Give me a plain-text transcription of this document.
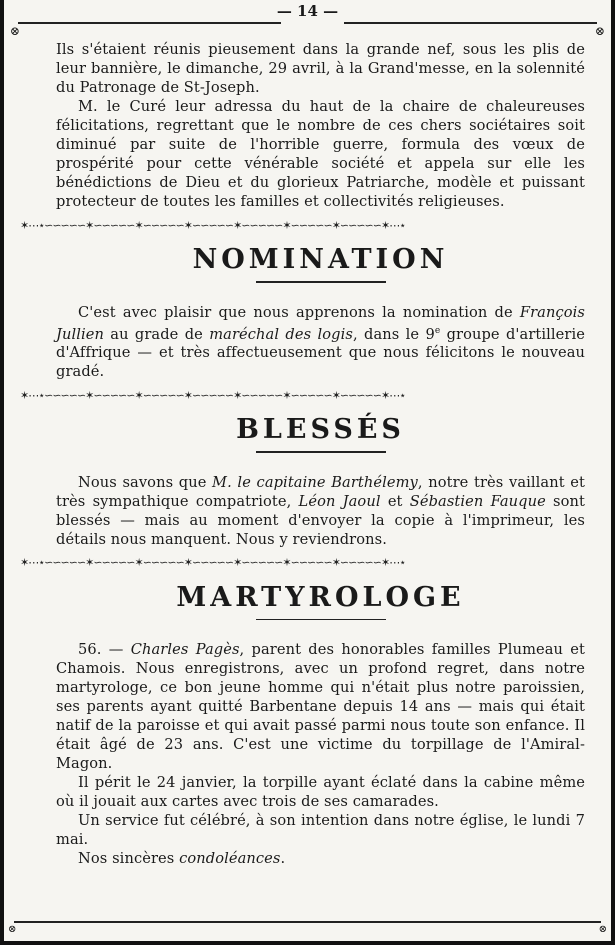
— 14 —
⊗	⊗

Ils s'étaient réunis pieusement dans la grande nef, sous les plis de leur bannière, le dimanche, 29 avril, à la Grand'messe, en la solennité du Patronage de St-Joseph.

M. le Curé leur adressa du haut de la chaire de chaleureuses félicitations, regrettant que le nombre de ces chers sociétaires soit diminué par suite de l'horrible guerre, formula des vœux de prospérité pour cette vénérable société et appela sur elle les bénédictions de Dieu et du glorieux Patriarche, modèle et puissant protecteur de toutes les familles et collectivités religieuses.

✶⋯⋆∽∽∽∽∽✶∽∽∽∽∽✶∽∽∽∽∽✶∽∽∽∽∽✶∽∽∽∽∽✶∽∽∽∽∽✶∽∽∽∽∽✶⋯⋆
NOMINATION

C'est avec plaisir que nous apprenons la nomination de François Jullien au grade de maréchal des logis, dans le 9e groupe d'artillerie d'Affrique — et très affectueusement que nous félicitons le nouveau gradé.

✶⋯⋆∽∽∽∽∽✶∽∽∽∽∽✶∽∽∽∽∽✶∽∽∽∽∽✶∽∽∽∽∽✶∽∽∽∽∽✶∽∽∽∽∽✶⋯⋆
BLESSÉS

Nous savons que M. le capitaine Barthélemy, notre très vaillant et très sympathique compatriote, Léon Jaoul et Sébastien Fauque sont blessés — mais au moment d'envoyer la copie à l'imprimeur, les détails nous manquent. Nous y reviendrons.

✶⋯⋆∽∽∽∽∽✶∽∽∽∽∽✶∽∽∽∽∽✶∽∽∽∽∽✶∽∽∽∽∽✶∽∽∽∽∽✶∽∽∽∽∽✶⋯⋆
MARTYROLOGE

56. — Charles Pagès, parent des honorables familles Plumeau et Chamois. Nous enregistrons, avec un profond regret, dans notre martyrologe, ce bon jeune homme qui n'était plus notre paroissien, ses parents ayant quitté Barbentane depuis 14 ans — mais qui était natif de la paroisse et qui avait passé parmi nous toute son enfance. Il était âgé de 23 ans. C'est une victime du torpillage de l'Amiral-Magon.

Il périt le 24 janvier, la torpille ayant éclaté dans la cabine même où il jouait aux cartes avec trois de ses camarades.

Un service fut célébré, à son intention dans notre église, le lundi 7 mai.

Nos sincères condoléances.

⊗	⊗
